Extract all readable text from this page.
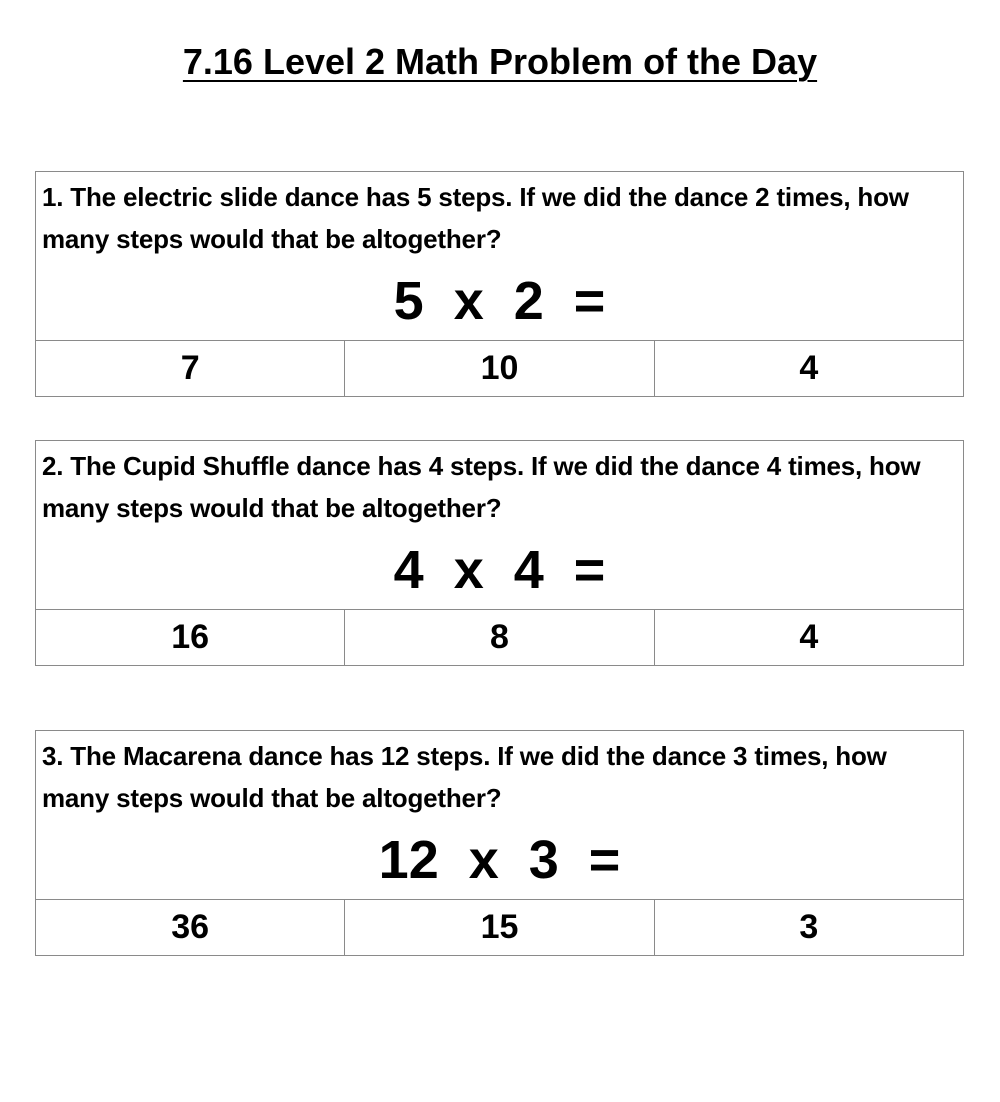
7.16 Level 2 Math Problem of the Day
1. The electric slide dance has 5 steps. If we did the dance 2 times, how many steps would that be altogether?
5  x  2  =
7	10	4
2. The Cupid Shuffle dance has 4 steps. If we did the dance 4 times, how many steps would that be altogether?
4  x  4  =
16	8	4
3. The Macarena dance has 12 steps. If we did the dance 3 times, how many steps would that be altogether?
12  x  3  =
36	15	3
